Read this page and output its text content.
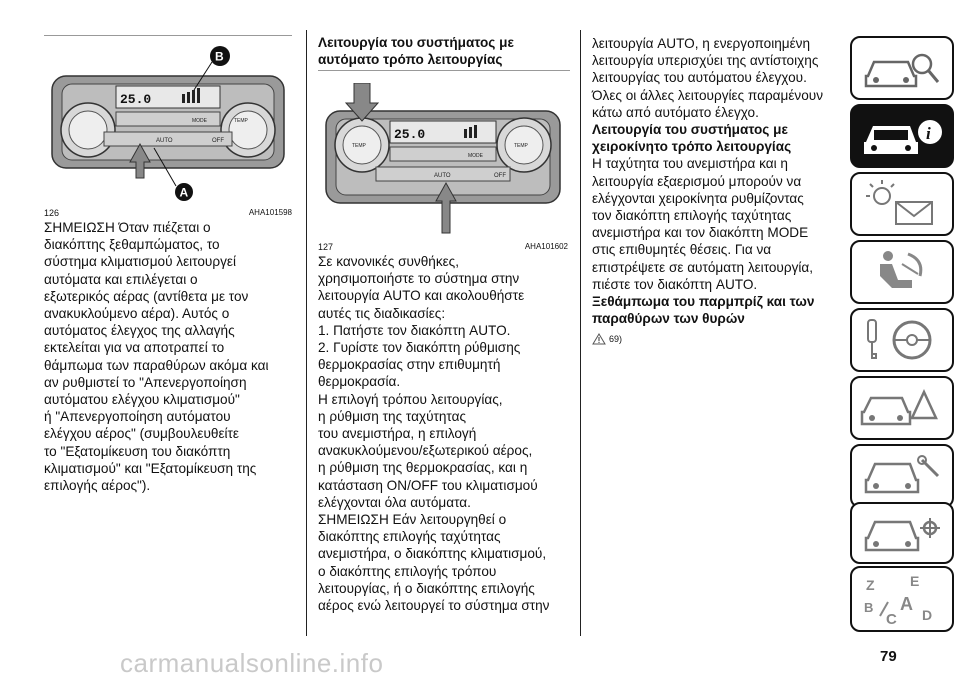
25.0
TEMP
MODE
AUTO	OFF
A
B
126	AHA101598

ΣΗΜΕΙΩΣΗ Όταν πιέζεται ο

διακόπτης ξεθαμπώματος, το

σύστημα κλιματισμού λειτουργεί

αυτόματα και επιλέγεται ο

εξωτερικός αέρας (αντίθετα με τον

ανακυκλούμενο αέρα). Αυτός ο

αυτόματος έλεγχος της αλλαγής

εκτελείται για να αποτραπεί το

θάμπωμα των παραθύρων ακόμα και

αν ρυθμιστεί το "Απενεργοποίηση

αυτόματου ελέγχου κλιματισμού"

ή "Απενεργοποίηση αυτόματου

ελέγχου αέρος" (συμβουλευθείτε

το "Εξατομίκευση του διακόπτη

κλιματισμού" και "Εξατομίκευση της

επιλογής αέρος").

Λειτουργία του συστήματος με

αυτόματο τρόπο λειτουργίας

TEMP	TEMP
25.0
MODE
AUTO	OFF
127	AHA101602

Σε κανονικές συνθήκες,

χρησιμοποιήστε το σύστημα στην

λειτουργία AUTO και ακολουθήστε

αυτές τις διαδικασίες:

1. Πατήστε τον διακόπτη AUTO.

2. Γυρίστε τον διακόπτη ρύθμισης

θερμοκρασίας στην επιθυμητή

θερμοκρασία.

Η επιλογή τρόπου λειτουργίας,

η ρύθμιση της ταχύτητας

του ανεμιστήρα, η επιλογή

ανακυκλούμενου/εξωτερικού αέρος,

η ρύθμιση της θερμοκρασίας, και η

κατάσταση ON/OFF του κλιματισμού

ελέγχονται όλα αυτόματα.

ΣΗΜΕΙΩΣΗ Εάν λειτουργηθεί ο

διακόπτης επιλογής ταχύτητας

ανεμιστήρα, ο διακόπτης κλιματισμού,

ο διακόπτης επιλογής τρόπου

λειτουργίας, ή ο διακόπτης επιλογής

αέρος ενώ λειτουργεί το σύστημα στην

λειτουργία AUTO, η ενεργοποιημένη

λειτουργία υπερισχύει της αντίστοιχης

λειτουργίας του αυτόματου έλεγχου.

Όλες οι άλλες λειτουργίες παραμένουν

κάτω από αυτόματο έλεγχο.

Λειτουργία του συστήματος με

χειροκίνητο τρόπο λειτουργίας

Η ταχύτητα του ανεμιστήρα και η

λειτουργία εξαερισμού μπορούν να

ελέγχονται χειροκίνητα ρυθμίζοντας

τον διακόπτη επιλογής ταχύτητας

ανεμιστήρα και τον διακόπτη MODE

στις επιθυμητές θέσεις. Για να

επιστρέψετε σε αυτόματη λειτουργία,

πιέστε τον διακόπτη AUTO.

Ξεθάμπωμα του παρμπρίζ και των

παραθύρων των θυρών

69)
i
Z	E
B
C
A
D
carmanualsonline.info	79
